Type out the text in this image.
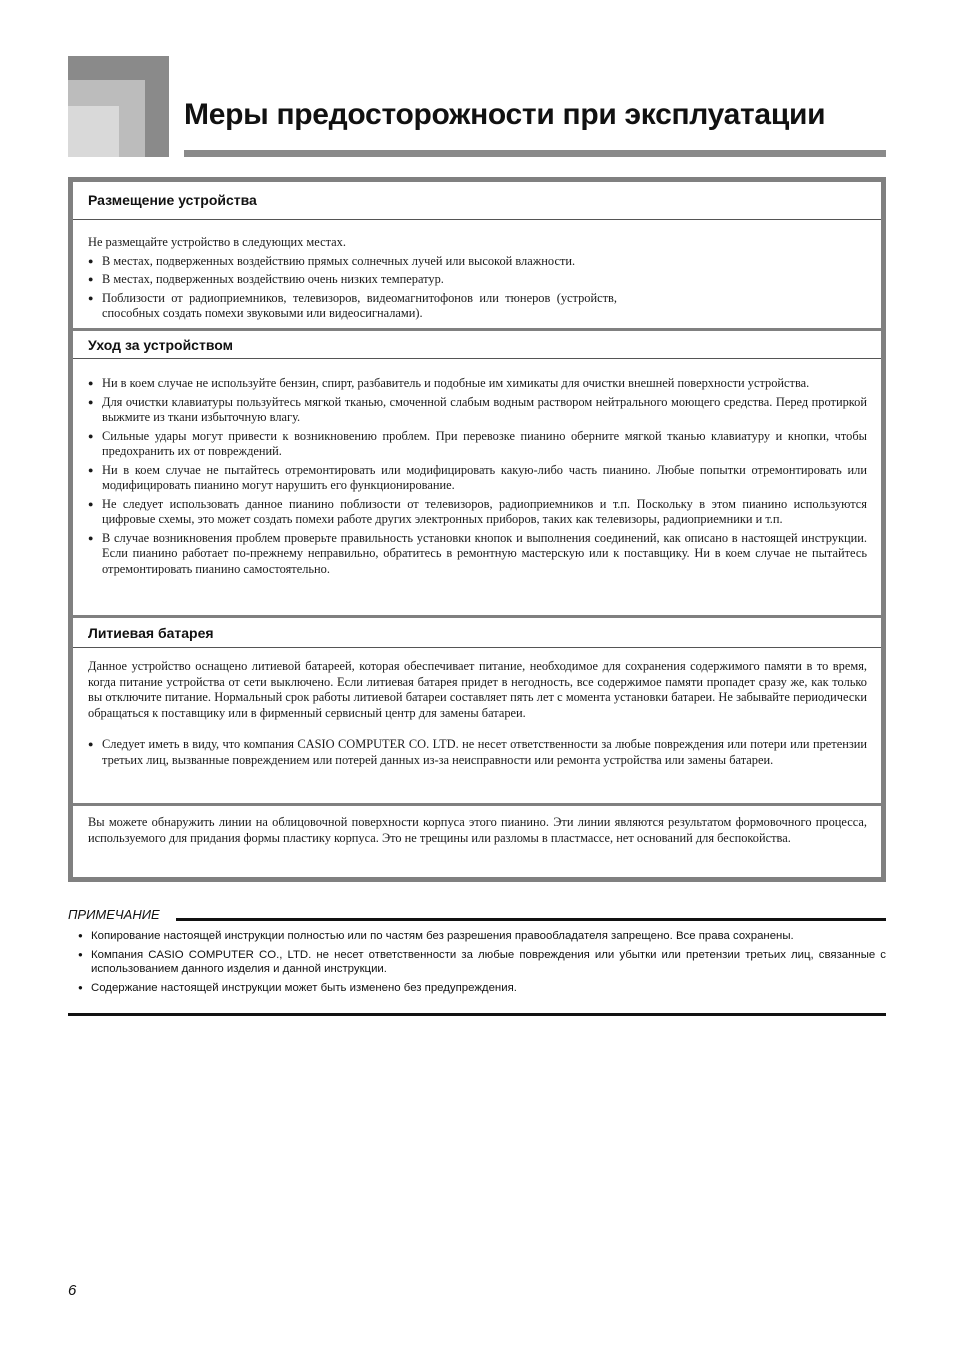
Меры предосторожности при эксплуатации
Размещение устройства

Не размещайте устройство в следующих местах.

● В местах, подверженных воздействию прямых солнечных лучей или высокой влажности.
● В местах, подверженных воздействию очень низких температур.
● Поблизости от радиоприемников, телевизоров, видеомагнитофонов или тюнеров (устройств, способных создать помехи звуковыми или видеосигналами).
Уход за устройством
● Ни в коем случае не используйте бензин, спирт, разбавитель и подобные им химикаты для очистки внешней поверхности устройства.
● Для очистки клавиатуры пользуйтесь мягкой тканью, смоченной слабым водным раствором нейтрального моющего средства. Перед протиркой выжмите из ткани избыточную влагу.
● Сильные удары могут привести к возникновению проблем. При перевозке пианино оберните мягкой тканью клавиатуру и кнопки, чтобы предохранить их от повреждений.
● Ни в коем случае не пытайтесь отремонтировать или модифицировать какую-либо часть пианино. Любые попытки отремонтировать или модифицировать пианино могут нарушить его функционирование.
● Не следует использовать данное пианино поблизости от телевизоров, радиоприемников и т.п. Поскольку в этом пианино используются цифровые схемы, это может создать помехи работе других электронных приборов, таких как телевизоры, радиоприемники и т.п.
● В случае возникновения проблем проверьте правильность установки кнопок и выполнения соединений, как описано в настоящей инструкции. Если пианино работает по-прежнему неправильно, обратитесь в ремонтную мастерскую или к поставщику. Ни в коем случае не пытайтесь отремонтировать пианино самостоятельно.
Литиевая батарея

Данное устройство оснащено литиевой батареей, которая обеспечивает питание, необходимое для сохранения содержимого памяти в то время, когда питание устройства от сети выключено. Если литиевая батарея придет в негодность, все содержимое памяти пропадет сразу же, как только вы отключите питание. Нормальный срок работы литиевой батареи составляет пять лет с момента установки батареи. Не забывайте периодически обращаться к поставщику или в фирменный сервисный центр для замены батареи.

● Следует иметь в виду, что компания CASIO COMPUTER CO. LTD. не несет ответственности за любые повреждения или потери или претензии третьих лиц, вызванные повреждением или потерей данных из-за неисправности или ремонта устройства или замены батареи.

Вы можете обнаружить линии на облицовочной поверхности корпуса этого пианино. Эти линии являются результатом формовочного процесса, используемого для придания формы пластику корпуса. Это не трещины или разломы в пластмассе, нет оснований для беспокойства.

ПРИМЕЧАНИЕ
● Копирование настоящей инструкции полностью или по частям без разрешения правообладателя запрещено. Все права сохранены.
● Компания CASIO COMPUTER CO., LTD. не несет ответственности за любые повреждения или убытки или претензии третьих лиц, связанные с использованием данного изделия и данной инструкции.
● Содержание настоящей инструкции может быть изменено без предупреждения.
6
